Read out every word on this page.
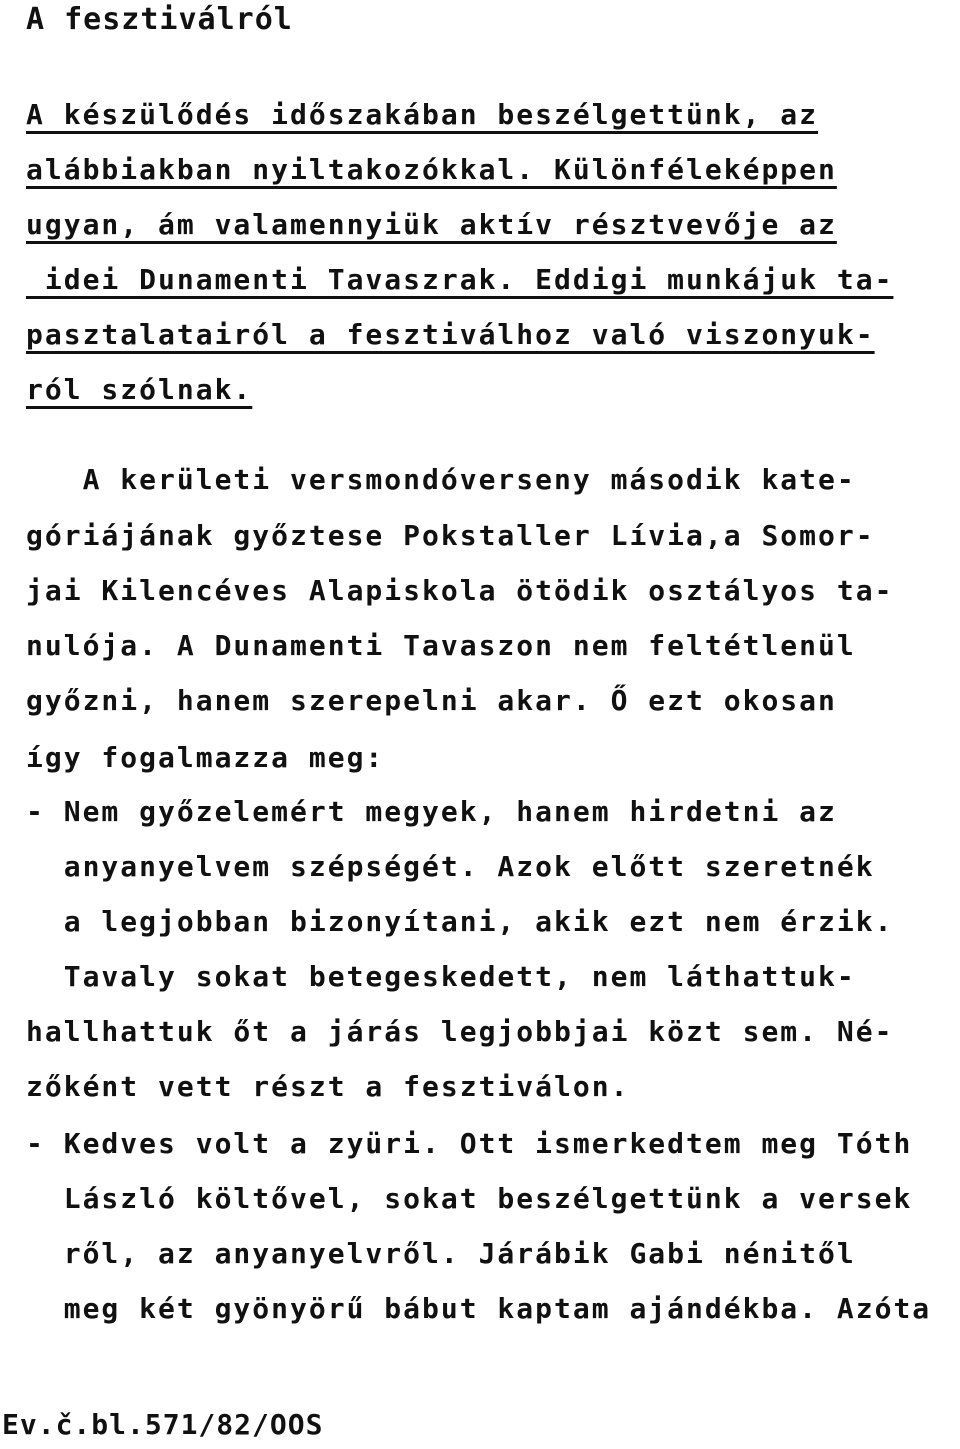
A fesztiválról
A készülődés időszakában beszélgettünk, az
alábbiakban nyiltakozókkal. Különféleképpen
ugyan, ám valamennyiük aktív résztvevője az
idei Dunamenti Tavaszrak. Eddigi munkájuk ta-
pasztalatairól a fesztiválhoz való viszonyuk-
ról szólnak.
A kerületi versmondóverseny második kate-
góriájának győztese Pokstaller Lívia,a Somor-
jai Kilencéves Alapiskola ötödik osztályos ta-
nulója. A Dunamenti Tavaszon nem feltétlenül
győzni, hanem szerepelni akar. Ő ezt okosan
így fogalmazza meg:
- Nem győzelemért megyek, hanem hirdetni az
anyanyelvem szépségét. Azok előtt szeretnék
a legjobban bizonyítani, akik ezt nem érzik.
Tavaly sokat betegeskedett, nem láthattuk-
hallhattuk őt a járás legjobbjai közt sem. Né-
zőként vett részt a fesztiválon.
- Kedves volt a zyüri. Ott ismerkedtem meg Tóth
László költővel, sokat beszélgettünk a versek
ről, az anyanyelvről. Járábik Gabi nénitől
meg két gyönyörű bábut kaptam ajándékba. Azóta
Ev.č.bl.571/82/OOS
